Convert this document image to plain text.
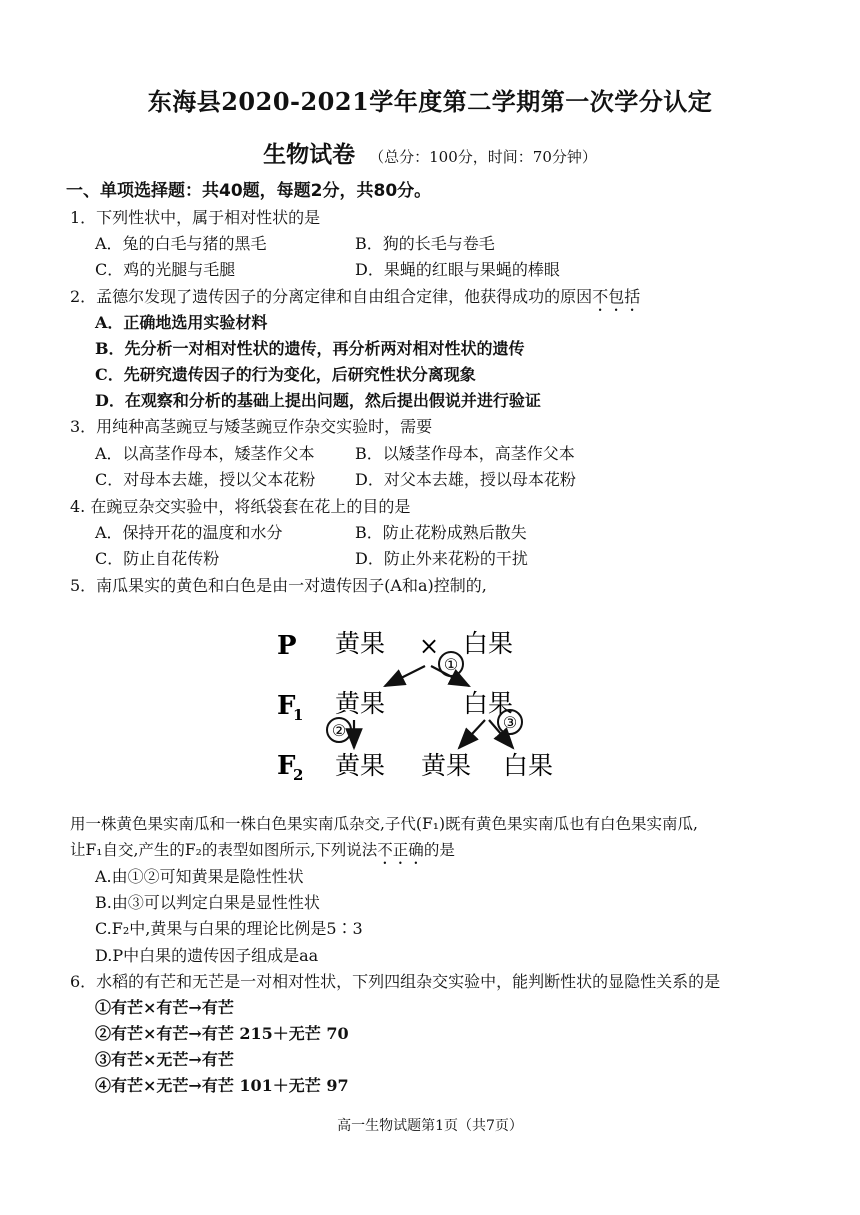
东海县2020-2021学年度第二学期第一次学分认定
生物试卷 （总分：100分，时间：70分钟）
一、单项选择题：共40题，每题2分，共80分。
1．下列性状中，属于相对性状的是
A．兔的白毛与猪的黑毛	B．狗的长毛与卷毛
C．鸡的光腿与毛腿	D．果蝇的红眼与果蝇的棒眼
2．孟德尔发现了遗传因子的分离定律和自由组合定律，他获得成功的原因不包括
A．正确地选用实验材料
B．先分析一对相对性状的遗传，再分析两对相对性状的遗传
C．先研究遗传因子的行为变化，后研究性状分离现象
D．在观察和分析的基础上提出问题，然后提出假说并进行验证
3．用纯种高茎豌豆与矮茎豌豆作杂交实验时，需要
A．以高茎作母本，矮茎作父本	B．以矮茎作母本，高茎作父本
C．对母本去雄，授以父本花粉 D．对父本去雄，授以母本花粉
4. 在豌豆杂交实验中，将纸袋套在花上的目的是
A．保持开花的温度和水分	B．防止花粉成熟后散失
C．防止自花传粉	D．防止外来花粉的干扰
5．南瓜果实的黄色和白色是由一对遗传因子(A和a)控制的,
P
F
1
F
2
黄果 × 白果
①
黄果	白果
②	③
黄果 黄果 白果
用一株黄色果实南瓜和一株白色果实南瓜杂交,子代(F₁)既有黄色果实南瓜也有白色果实南瓜,
让F₁自交,产生的F₂的表型如图所示,下列说法不正确的是
A.由①②可知黄果是隐性性状
B.由③可以判定白果是显性性状
C.F₂中,黄果与白果的理论比例是5∶3
D.P中白果的遗传因子组成是aa
6．水稻的有芒和无芒是一对相对性状，下列四组杂交实验中，能判断性状的显隐性关系的是
①有芒×有芒→有芒
②有芒×有芒→有芒 215＋无芒 70
③有芒×无芒→有芒
④有芒×无芒→有芒 101＋无芒 97
高一生物试题第1页（共7页）
